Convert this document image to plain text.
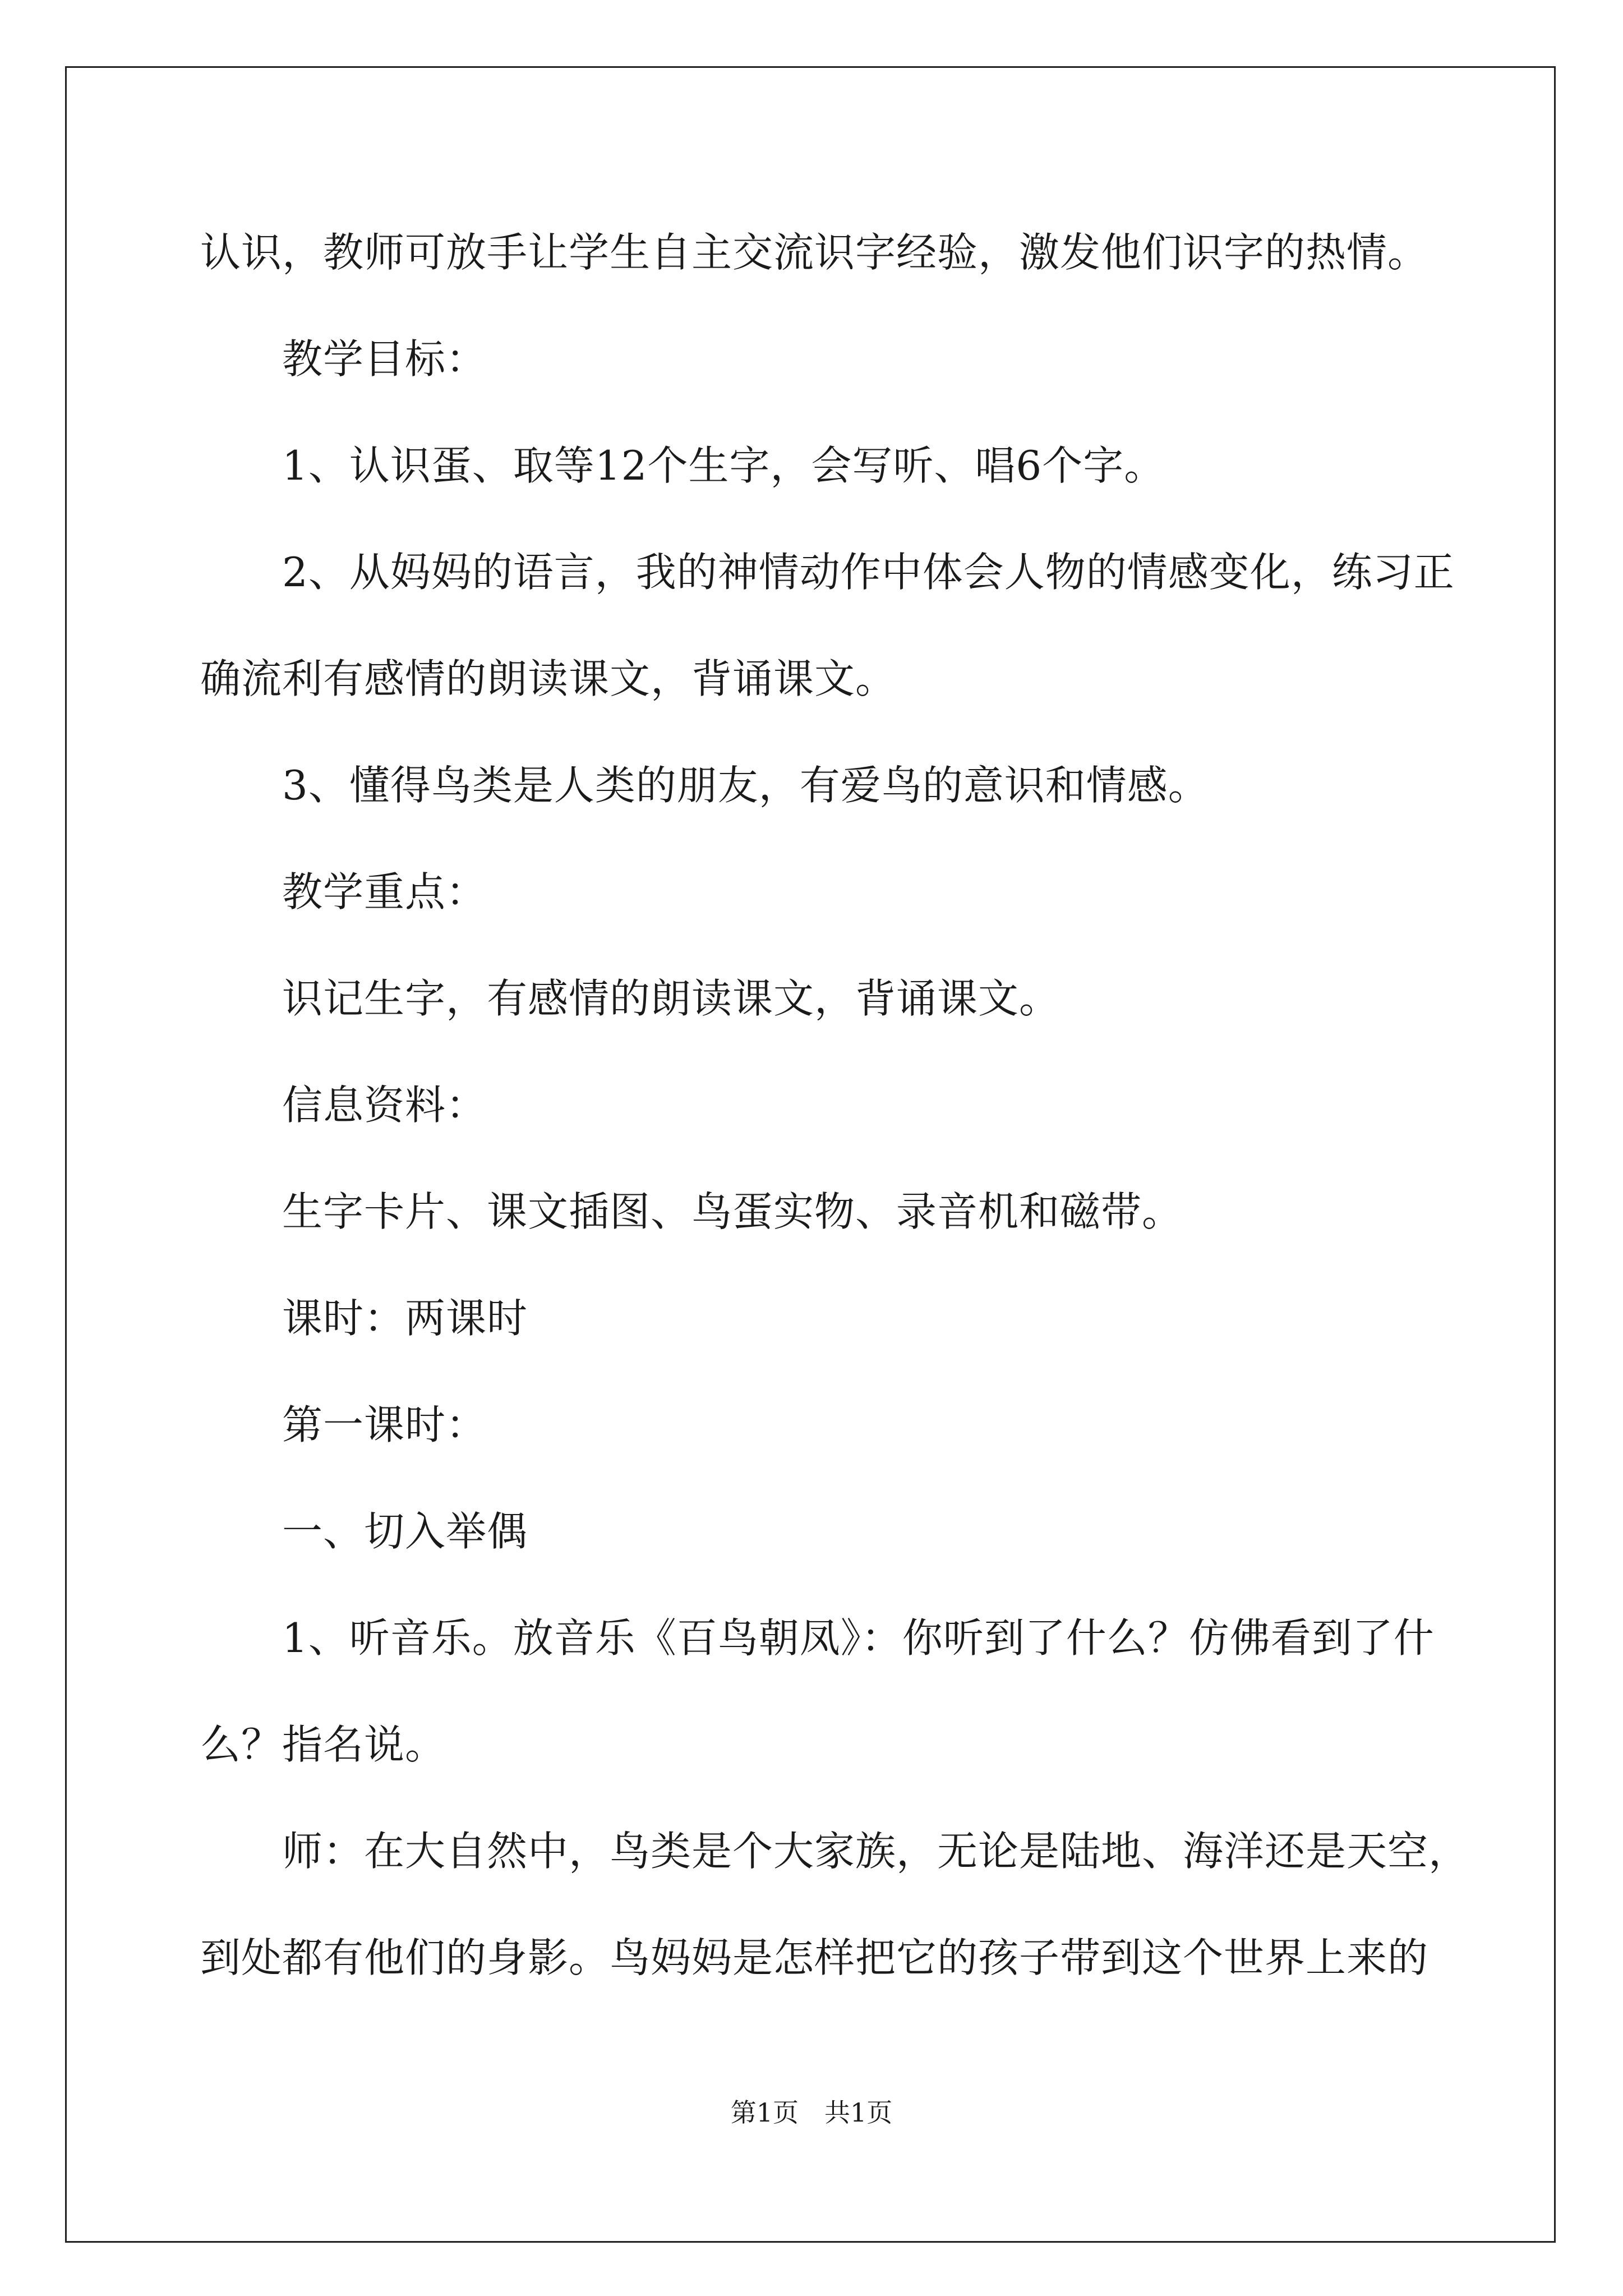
认识，教师可放手让学生自主交流识字经验，激发他们识字的热情。
教学目标：
1、认识蛋、取等12个生字，会写听、唱6个字。
2、从妈妈的语言，我的神情动作中体会人物的情感变化，练习正
确流利有感情的朗读课文，背诵课文。
3、懂得鸟类是人类的朋友，有爱鸟的意识和情感。
教学重点：
识记生字，有感情的朗读课文，背诵课文。
信息资料：
生字卡片、课文插图、鸟蛋实物、录音机和磁带。
课时：两课时
第一课时：
一、切入举偶
1、听音乐。放音乐《百鸟朝凤》：你听到了什么？仿佛看到了什
么？指名说。
师：在大自然中，鸟类是个大家族，无论是陆地、海洋还是天空，
到处都有他们的身影。鸟妈妈是怎样把它的孩子带到这个世界上来的
第1页　共1页
